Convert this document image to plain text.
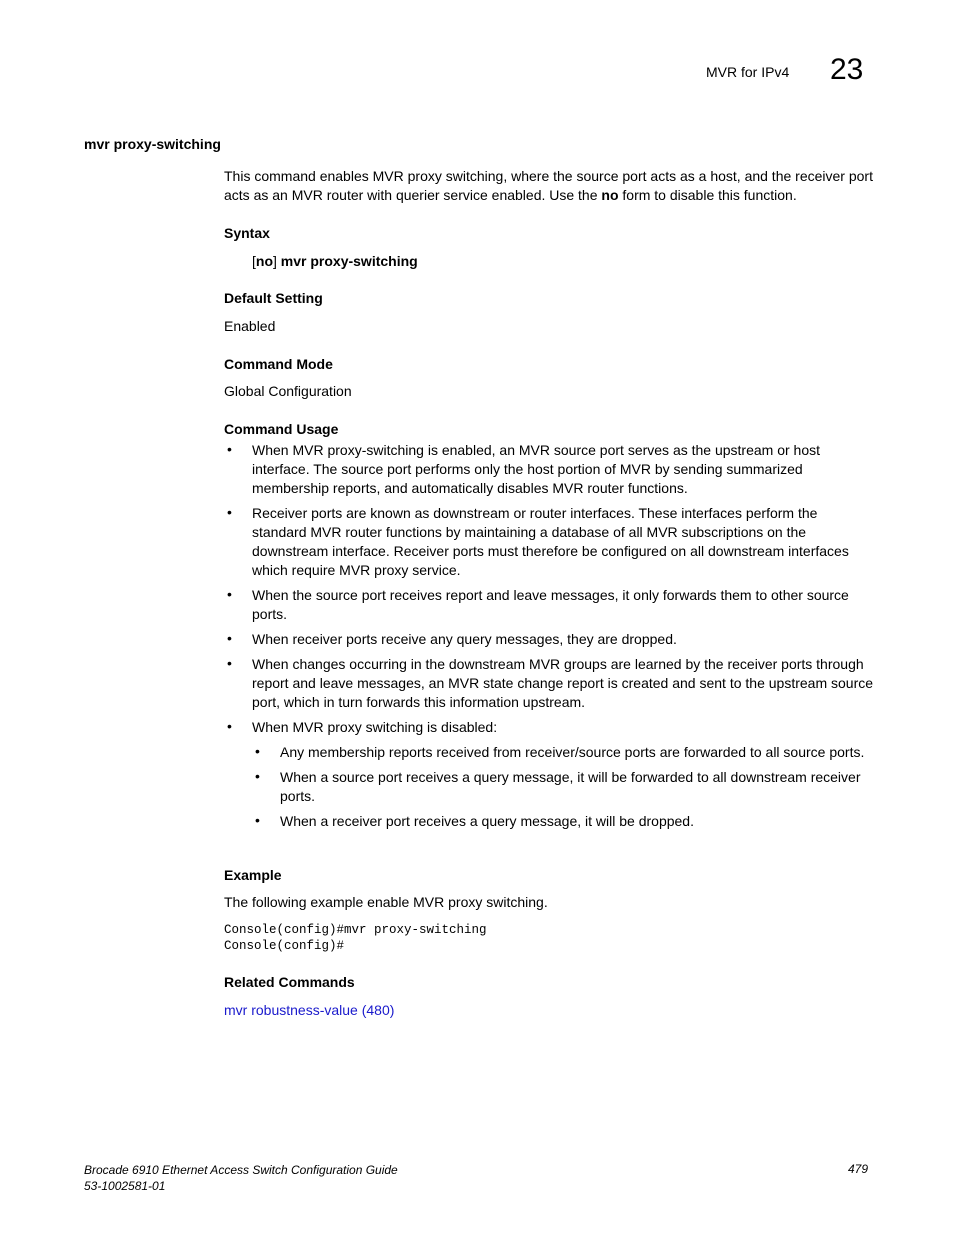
MVR for IPv4 23
mvr proxy-switching
This command enables MVR proxy switching, where the source port acts as a host, and the receiver port acts as an MVR router with querier service enabled. Use the no form to disable this function.
Syntax
[no] mvr proxy-switching
Default Setting
Enabled
Command Mode
Global Configuration
Command Usage
• When MVR proxy-switching is enabled, an MVR source port serves as the upstream or host interface. The source port performs only the host portion of MVR by sending summarized membership reports, and automatically disables MVR router functions.
• Receiver ports are known as downstream or router interfaces. These interfaces perform the standard MVR router functions by maintaining a database of all MVR subscriptions on the downstream interface. Receiver ports must therefore be configured on all downstream interfaces which require MVR proxy service.
• When the source port receives report and leave messages, it only forwards them to other source ports.
• When receiver ports receive any query messages, they are dropped.
• When changes occurring in the downstream MVR groups are learned by the receiver ports through report and leave messages, an MVR state change report is created and sent to the upstream source port, which in turn forwards this information upstream.
• When MVR proxy switching is disabled:
• Any membership reports received from receiver/source ports are forwarded to all source ports.
• When a source port receives a query message, it will be forwarded to all downstream receiver ports.
• When a receiver port receives a query message, it will be dropped.
Example
The following example enable MVR proxy switching.
Console(config)#mvr proxy-switching
Console(config)#
Related Commands
mvr robustness-value (480)
Brocade 6910 Ethernet Access Switch Configuration Guide
53-1002581-01
479
